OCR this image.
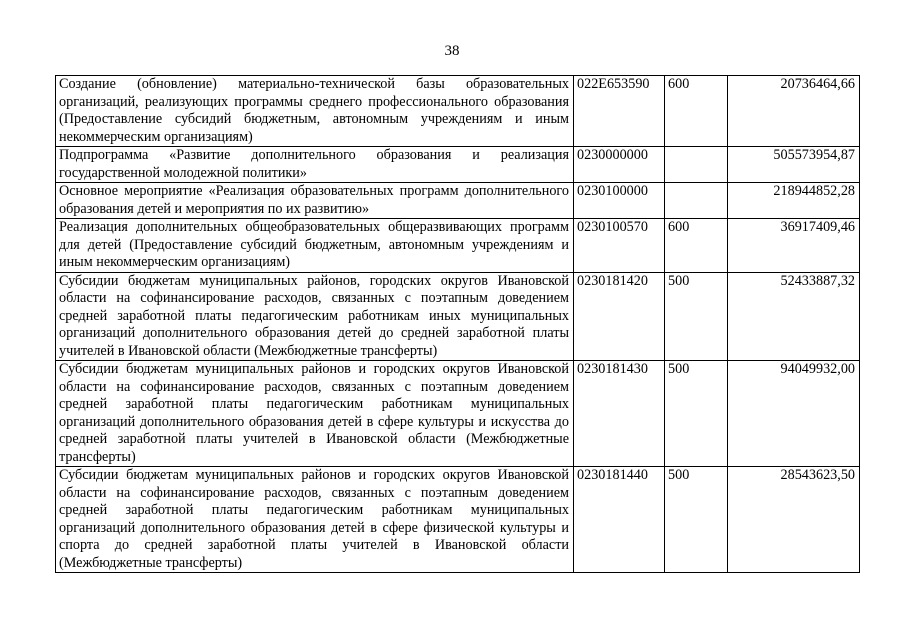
38
Создание (обновление) материально-технической базы образовательных организаций, реализующих программы среднего профессионального образования (Предоставление субсидий бюджетным, автономным учреждениям и иным некоммерческим организациям)	022Е653590	600	20736464,66
Подпрограмма «Развитие дополнительного образования и реализация государственной молодежной политики»	0230000000		505573954,87
Основное мероприятие «Реализация образовательных программ дополнительного образования детей и мероприятия по их развитию»	0230100000		218944852,28
Реализация дополнительных общеобразовательных общеразвивающих программ для детей (Предоставление субсидий бюджетным, автономным учреждениям и иным некоммерческим организациям)	0230100570	600	36917409,46
Субсидии бюджетам муниципальных районов, городских округов Ивановской области на софинансирование расходов, связанных с поэтапным доведением средней заработной платы педагогическим работникам иных муниципальных организаций дополнительного образования детей до средней заработной платы учителей в Ивановской области (Межбюджетные трансферты)	0230181420	500	52433887,32
Субсидии бюджетам муниципальных районов и городских округов Ивановской области на софинансирование расходов, связанных с поэтапным доведением средней заработной платы педагогическим работникам муниципальных организаций дополнительного образования детей в сфере культуры и искусства до средней заработной платы учителей в Ивановской области (Межбюджетные трансферты)	0230181430	500	94049932,00
Субсидии бюджетам муниципальных районов и городских округов Ивановской области на софинансирование расходов, связанных с поэтапным доведением средней заработной платы педагогическим работникам муниципальных организаций дополнительного образования детей в сфере физической культуры и спорта до средней заработной платы учителей в Ивановской области (Межбюджетные трансферты)	0230181440	500	28543623,50
